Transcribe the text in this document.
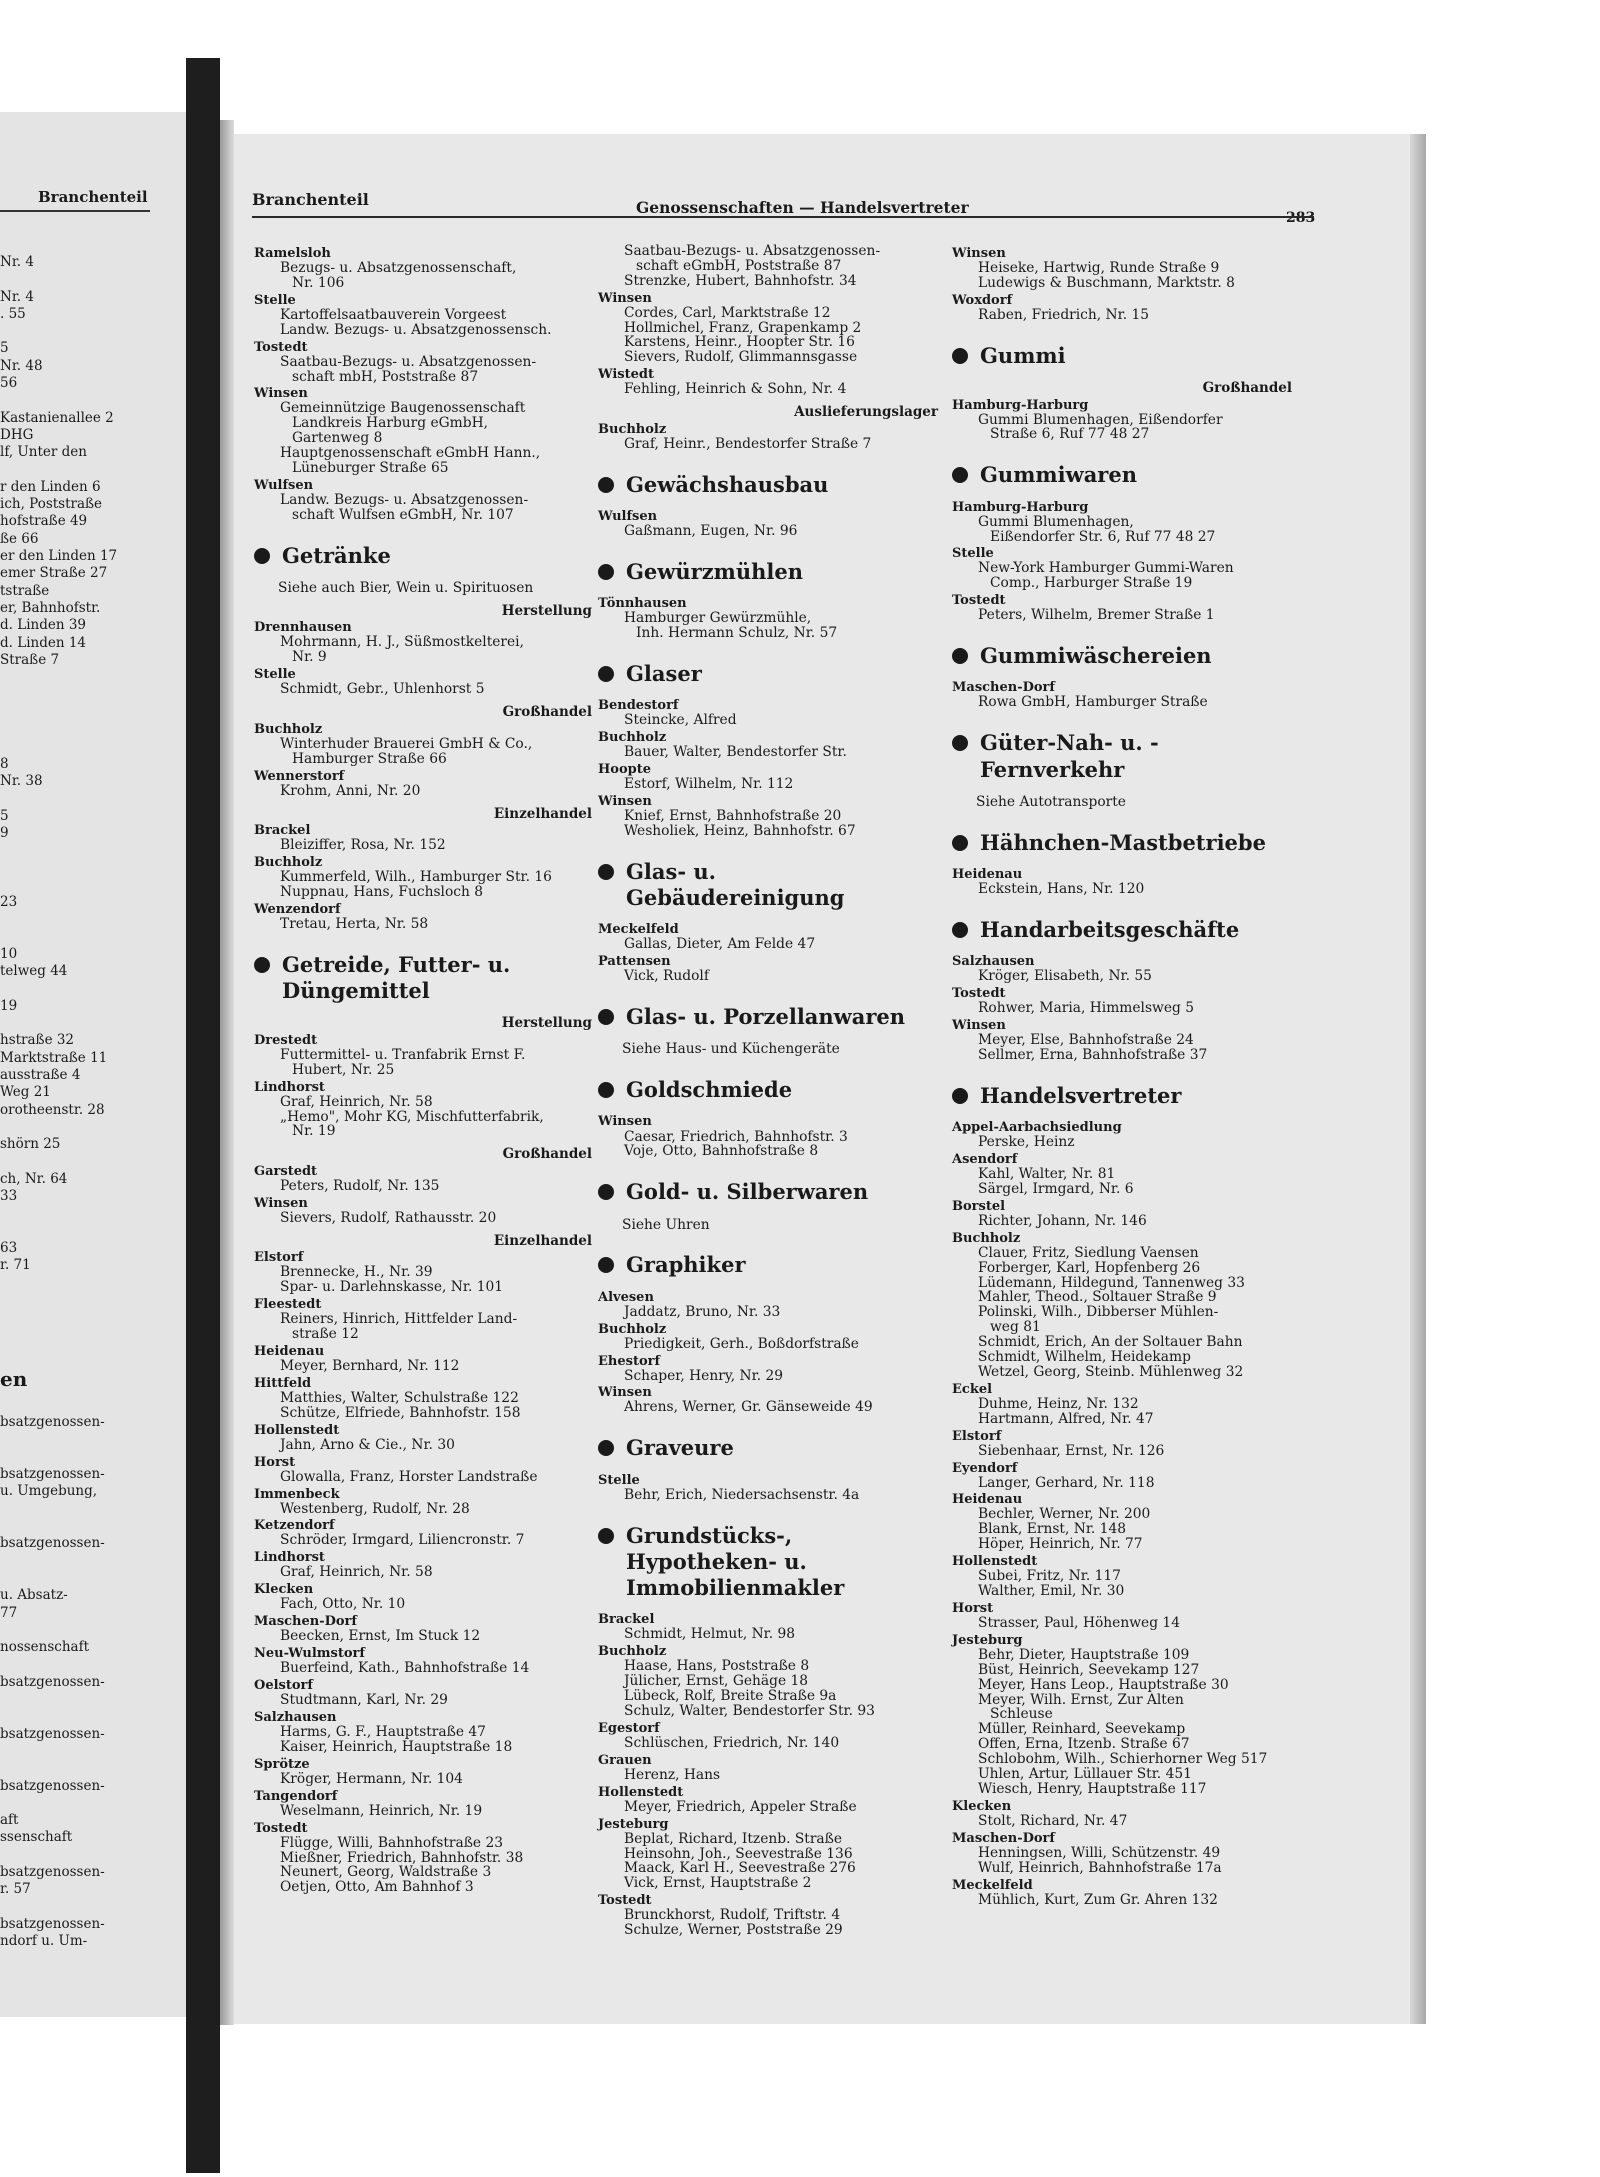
Branchenteil
Nr. 4
Nr. 4
. 55
5
Nr. 48
56
Kastanienallee 2
DHG
lf, Unter den
r den Linden 6
ich, Poststraße
hofstraße 49
ße 66
er den Linden 17
emer Straße 27
tstraße
er, Bahnhofstr.
d. Linden 39
d. Linden 14
Straße 7
8
Nr. 38
5
9
23
10
telweg 44
19
hstraße 32
Marktstraße 11
ausstraße 4
Weg 21
orotheenstr. 28
shörn 25
ch, Nr. 64
33
63
r. 71
en
bsatzgenossen-
bsatzgenossen-
u. Umgebung,
bsatzgenossen-
u. Absatz-
77
nossenschaft
bsatzgenossen-
bsatzgenossen-
bsatzgenossen-
aft
ssenschaft
bsatzgenossen-
r. 57
bsatzgenossen-
ndorf u. Um-
Branchenteil	Genossenschaften — Handelsvertreter
283
Ramelsloh
Bezugs- u. Absatzgenossenschaft,
Nr. 106
Stelle
Kartoffelsaatbauverein Vorgeest
Landw. Bezugs- u. Absatzgenossensch.
Tostedt
Saatbau-Bezugs- u. Absatzgenossen-
schaft mbH, Poststraße 87
Winsen
Gemeinnützige Baugenossenschaft
Landkreis Harburg eGmbH,
Gartenweg 8
Hauptgenossenschaft eGmbH Hann.,
Lüneburger Straße 65
Wulfsen
Landw. Bezugs- u. Absatzgenossen-
schaft Wulfsen eGmbH, Nr. 107
Getränke
Siehe auch Bier, Wein u. Spirituosen
Herstellung
Drennhausen
Mohrmann, H. J., Süßmostkelterei,
Nr. 9
Stelle
Schmidt, Gebr., Uhlenhorst 5
Großhandel
Buchholz
Winterhuder Brauerei GmbH & Co.,
Hamburger Straße 66
Wennerstorf
Krohm, Anni, Nr. 20
Einzelhandel
Brackel
Bleiziffer, Rosa, Nr. 152
Buchholz
Kummerfeld, Wilh., Hamburger Str. 16
Nuppnau, Hans, Fuchsloch 8
Wenzendorf
Tretau, Herta, Nr. 58
Getreide, Futter- u. Düngemittel
Herstellung
Drestedt
Futtermittel- u. Tranfabrik Ernst F.
Hubert, Nr. 25
Lindhorst
Graf, Heinrich, Nr. 58
„Hemo", Mohr KG, Mischfutterfabrik,
Nr. 19
Großhandel
Garstedt
Peters, Rudolf, Nr. 135
Winsen
Sievers, Rudolf, Rathausstr. 20
Einzelhandel
Elstorf
Brennecke, H., Nr. 39
Spar- u. Darlehnskasse, Nr. 101
Fleestedt
Reiners, Hinrich, Hittfelder Land-
straße 12
Heidenau
Meyer, Bernhard, Nr. 112
Hittfeld
Matthies, Walter, Schulstraße 122
Schütze, Elfriede, Bahnhofstr. 158
Hollenstedt
Jahn, Arno & Cie., Nr. 30
Horst
Glowalla, Franz, Horster Landstraße
Immenbeck
Westenberg, Rudolf, Nr. 28
Ketzendorf
Schröder, Irmgard, Liliencronstr. 7
Lindhorst
Graf, Heinrich, Nr. 58
Klecken
Fach, Otto, Nr. 10
Maschen-Dorf
Beecken, Ernst, Im Stuck 12
Neu-Wulmstorf
Buerfeind, Kath., Bahnhofstraße 14
Oelstorf
Studtmann, Karl, Nr. 29
Salzhausen
Harms, G. F., Hauptstraße 47
Kaiser, Heinrich, Hauptstraße 18
Sprötze
Kröger, Hermann, Nr. 104
Tangendorf
Weselmann, Heinrich, Nr. 19
Tostedt
Flügge, Willi, Bahnhofstraße 23
Mießner, Friedrich, Bahnhofstr. 38
Neunert, Georg, Waldstraße 3
Oetjen, Otto, Am Bahnhof 3
Saatbau-Bezugs- u. Absatzgenossen-
schaft eGmbH, Poststraße 87
Strenzke, Hubert, Bahnhofstr. 34
Winsen
Cordes, Carl, Marktstraße 12
Hollmichel, Franz, Grapenkamp 2
Karstens, Heinr., Hoopter Str. 16
Sievers, Rudolf, Glimmannsgasse
Wistedt
Fehling, Heinrich & Sohn, Nr. 4
Auslieferungslager
Buchholz
Graf, Heinr., Bendestorfer Straße 7
Gewächshausbau
Wulfsen
Gaßmann, Eugen, Nr. 96
Gewürzmühlen
Tönnhausen
Hamburger Gewürzmühle,
Inh. Hermann Schulz, Nr. 57
Glaser
Bendestorf
Steincke, Alfred
Buchholz
Bauer, Walter, Bendestorfer Str.
Hoopte
Estorf, Wilhelm, Nr. 112
Winsen
Knief, Ernst, Bahnhofstraße 20
Wesholiek, Heinz, Bahnhofstr. 67
Glas- u. Gebäudereinigung
Meckelfeld
Gallas, Dieter, Am Felde 47
Pattensen
Vick, Rudolf
Glas- u. Porzellanwaren
Siehe Haus- und Küchengeräte
Goldschmiede
Winsen
Caesar, Friedrich, Bahnhofstr. 3
Voje, Otto, Bahnhofstraße 8
Gold- u. Silberwaren
Siehe Uhren
Graphiker
Alvesen
Jaddatz, Bruno, Nr. 33
Buchholz
Priedigkeit, Gerh., Boßdorfstraße
Ehestorf
Schaper, Henry, Nr. 29
Winsen
Ahrens, Werner, Gr. Gänseweide 49
Graveure
Stelle
Behr, Erich, Niedersachsenstr. 4a
Grundstücks-, Hypotheken- u. Immobilienmakler
Brackel
Schmidt, Helmut, Nr. 98
Buchholz
Haase, Hans, Poststraße 8
Jülicher, Ernst, Gehäge 18
Lübeck, Rolf, Breite Straße 9a
Schulz, Walter, Bendestorfer Str. 93
Egestorf
Schlüschen, Friedrich, Nr. 140
Grauen
Herenz, Hans
Hollenstedt
Meyer, Friedrich, Appeler Straße
Jesteburg
Beplat, Richard, Itzenb. Straße
Heinsohn, Joh., Seevestraße 136
Maack, Karl H., Seevestraße 276
Vick, Ernst, Hauptstraße 2
Tostedt
Brunckhorst, Rudolf, Triftstr. 4
Schulze, Werner, Poststraße 29
Winsen
Heiseke, Hartwig, Runde Straße 9
Ludewigs & Buschmann, Marktstr. 8
Woxdorf
Raben, Friedrich, Nr. 15
Gummi
Großhandel
Hamburg-Harburg
Gummi Blumenhagen, Eißendorfer
Straße 6, Ruf 77 48 27
Gummiwaren
Hamburg-Harburg
Gummi Blumenhagen,
Eißendorfer Str. 6, Ruf 77 48 27
Stelle
New-York Hamburger Gummi-Waren
Comp., Harburger Straße 19
Tostedt
Peters, Wilhelm, Bremer Straße 1
Gummiwäschereien
Maschen-Dorf
Rowa GmbH, Hamburger Straße
Güter-Nah- u. -Fernverkehr
Siehe Autotransporte
Hähnchen-Mastbetriebe
Heidenau
Eckstein, Hans, Nr. 120
Handarbeitsgeschäfte
Salzhausen
Kröger, Elisabeth, Nr. 55
Tostedt
Rohwer, Maria, Himmelsweg 5
Winsen
Meyer, Else, Bahnhofstraße 24
Sellmer, Erna, Bahnhofstraße 37
Handelsvertreter
Appel-Aarbachsiedlung
Perske, Heinz
Asendorf
Kahl, Walter, Nr. 81
Särgel, Irmgard, Nr. 6
Borstel
Richter, Johann, Nr. 146
Buchholz
Clauer, Fritz, Siedlung Vaensen
Forberger, Karl, Hopfenberg 26
Lüdemann, Hildegund, Tannenweg 33
Mahler, Theod., Soltauer Straße 9
Polinski, Wilh., Dibberser Mühlen-
weg 81
Schmidt, Erich, An der Soltauer Bahn
Schmidt, Wilhelm, Heidekamp
Wetzel, Georg, Steinb. Mühlenweg 32
Eckel
Duhme, Heinz, Nr. 132
Hartmann, Alfred, Nr. 47
Elstorf
Siebenhaar, Ernst, Nr. 126
Eyendorf
Langer, Gerhard, Nr. 118
Heidenau
Bechler, Werner, Nr. 200
Blank, Ernst, Nr. 148
Höper, Heinrich, Nr. 77
Hollenstedt
Subei, Fritz, Nr. 117
Walther, Emil, Nr. 30
Horst
Strasser, Paul, Höhenweg 14
Jesteburg
Behr, Dieter, Hauptstraße 109
Büst, Heinrich, Seevekamp 127
Meyer, Hans Leop., Hauptstraße 30
Meyer, Wilh. Ernst, Zur Alten
Schleuse
Müller, Reinhard, Seevekamp
Offen, Erna, Itzenb. Straße 67
Schlobohm, Wilh., Schierhorner Weg 517
Uhlen, Artur, Lüllauer Str. 451
Wiesch, Henry, Hauptstraße 117
Klecken
Stolt, Richard, Nr. 47
Maschen-Dorf
Henningsen, Willi, Schützenstr. 49
Wulf, Heinrich, Bahnhofstraße 17a
Meckelfeld
Mühlich, Kurt, Zum Gr. Ahren 132
